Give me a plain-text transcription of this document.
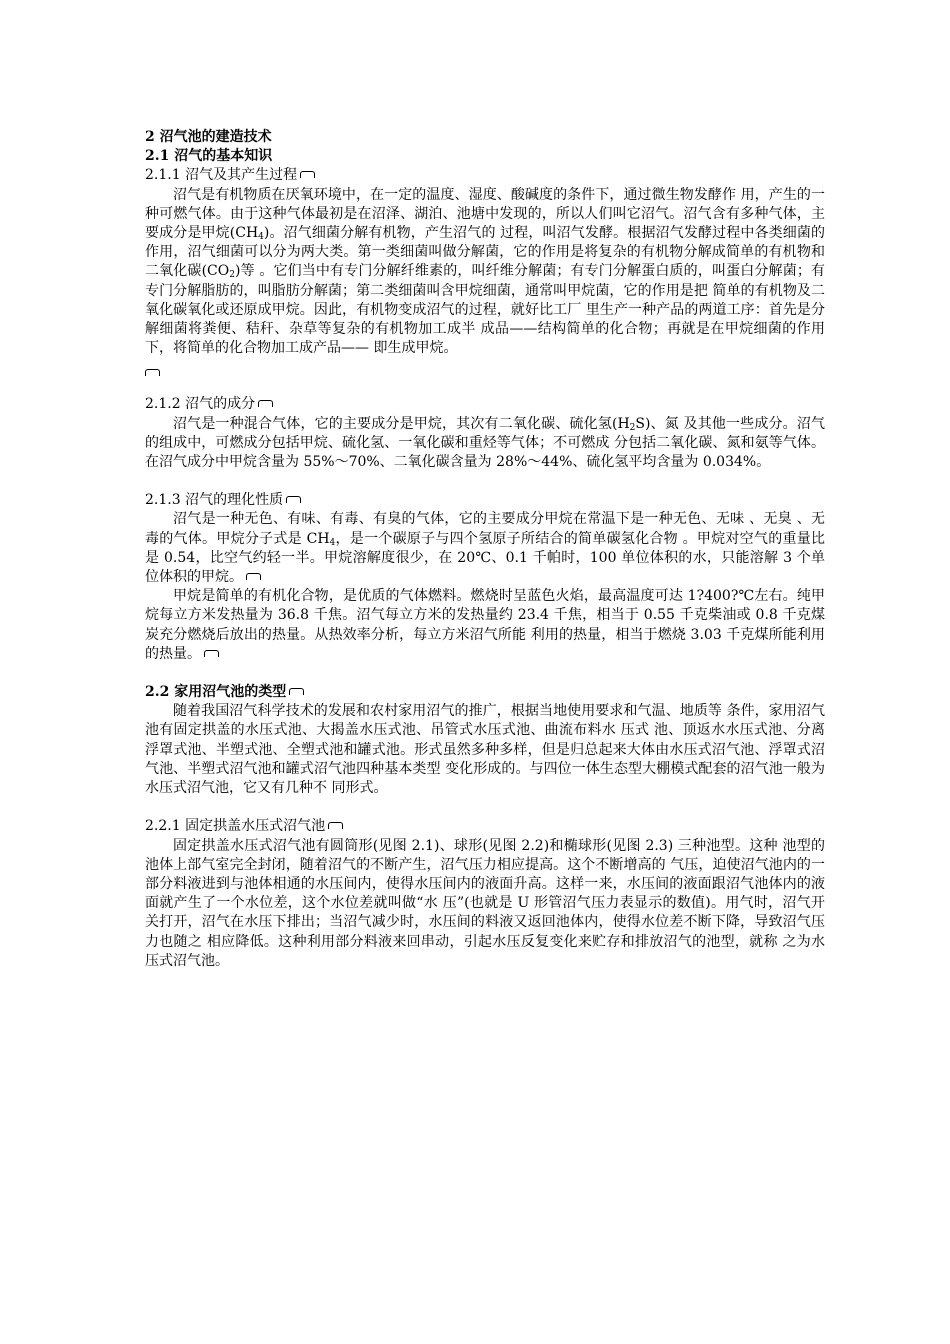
2 沼气池的建造技术
2.1 沼气的基本知识
2.1.1 沼气及其产生过程

沼气是有机物质在厌氧环境中，在一定的温度、湿度、酸碱度的条件下，通过微生物发酵作 用，产生的一种可燃气体。由于这种气体最初是在沼泽、湖泊、池塘中发现的，所以人们叫它沼气。沼气含有多种气体，主要成分是甲烷$(CH_4)$。沼气细菌分解有机物，产生沼气的 过程，叫沼气发酵。根据沼气发酵过程中各类细菌的作用，沼气细菌可以分为两大类。第一类细菌叫做分解菌，它的作用是将复杂的有机物分解成简单的有机物和二氧化碳$(CO_2)$等 。它们当中有专门分解纤维素的，叫纤维分解菌；有专门分解蛋白质的，叫蛋白分解菌；有 专门分解脂肪的，叫脂肪分解菌；第二类细菌叫含甲烷细菌，通常叫甲烷菌，它的作用是把 简单的有机物及二氧化碳氧化或还原成甲烷。因此，有机物变成沼气的过程，就好比工厂 里生产一种产品的两道工序：首先是分解细菌将粪便、秸秆、杂草等复杂的有机物加工成半 成品——结构简单的化合物；再就是在甲烷细菌的作用下，将简单的化合物加工成产品—— 即生成甲烷。

2.1.2 沼气的成分

沼气是一种混合气体，它的主要成分是甲烷，其次有二氧化碳、硫化氢$(H_2S)$、氮 及其他一些成分。沼气的组成中，可燃成分包括甲烷、硫化氢、一氧化碳和重烃等气体；不可燃成 分包括二氧化碳、氮和氨等气体。在沼气成分中甲烷含量为 55%～70%、二氧化碳含量为 28%～44%、硫化氢平均含量为 0.034%。

2.1.3 沼气的理化性质

沼气是一种无色、有味、有毒、有臭的气体，它的主要成分甲烷在常温下是一种无色、无味 、无臭 、无毒的气体。甲烷分子式是 $CH_4$，是一个碳原子与四个氢原子所结合的简单碳氢化合物 。甲烷对空气的重量比是 0.54，比空气约轻一半。甲烷溶解度很少，在 20℃、0.1 千帕时，100 单位体积的水，只能溶解 3 个单位体积的甲烷。

甲烷是简单的有机化合物，是优质的气体燃料。燃烧时呈蓝色火焰，最高温度可达 1?400?℃左右。纯甲烷每立方米发热量为 36.8 千焦。沼气每立方米的发热量约 23.4 千焦，相当于 0.55 千克柴油或 0.8 千克煤炭充分燃烧后放出的热量。从热效率分析，每立方米沼气所能 利用的热量，相当于燃烧 3.03 千克煤所能利用的热量。

2.2 家用沼气池的类型

随着我国沼气科学技术的发展和农村家用沼气的推广，根据当地使用要求和气温、地质等 条件，家用沼气池有固定拱盖的水压式池、大揭盖水压式池、吊管式水压式池、曲流布料水 压式 池、顶返水水压式池、分离浮罩式池、半塑式池、全塑式池和罐式池。形式虽然多种多样，但是归总起来大体由水压式沼气池、浮罩式沼气池、半塑式沼气池和罐式沼气池四种基本类型 变化形成的。与四位一体生态型大棚模式配套的沼气池一般为水压式沼气池，它又有几种不 同形式。

2.2.1 固定拱盖水压式沼气池

固定拱盖水压式沼气池有圆筒形(见图 2.1)、球形(见图 2.2)和椭球形(见图 2.3) 三种池型。这种 池型的池体上部气室完全封闭，随着沼气的不断产生，沼气压力相应提高。这个不断增高的 气压，迫使沼气池内的一部分料液进到与池体相通的水压间内，使得水压间内的液面升高。这样一来，水压间的液面跟沼气池体内的液面就产生了一个水位差，这个水位差就叫做“水 压”(也就是 U 形管沼气压力表显示的数值)。用气时，沼气开关打开，沼气在水压下排出；当沼气减少时，水压间的料液又返回池体内，使得水位差不断下降，导致沼气压力也随之 相应降低。这种利用部分料液来回串动，引起水压反复变化来贮存和排放沼气的池型，就称 之为水压式沼气池。
